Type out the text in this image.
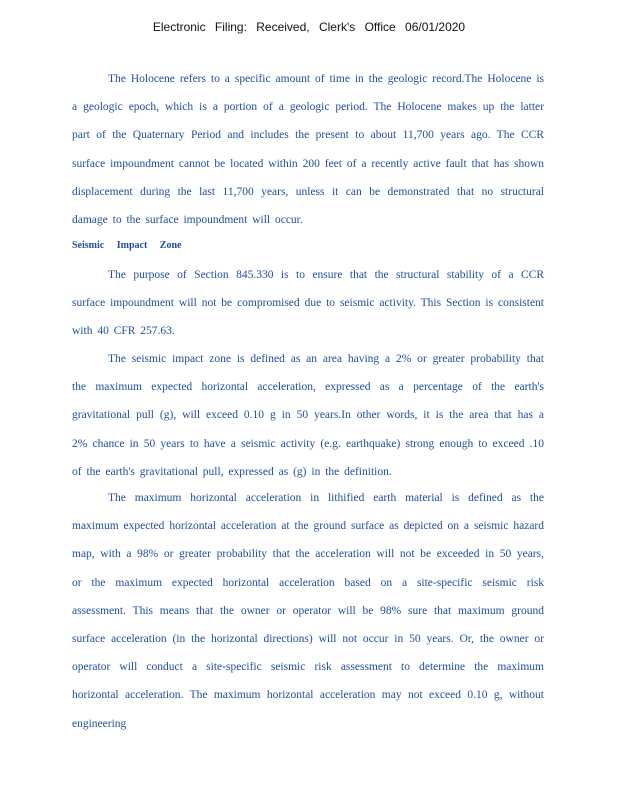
Electronic Filing: Received, Clerk's Office 06/01/2020
The Holocene refers to a specific amount of time in the geologic record.The Holocene is a geologic epoch, which is a portion of a geologic period. The Holocene makes up the latter part of the Quaternary Period and includes the present to about 11,700 years ago. The CCR surface impoundment cannot be located within 200 feet of a recently active fault that has shown displacement during the last 11,700 years, unless it can be demonstrated that no structural damage to the surface impoundment will occur.
Seismic Impact Zone
The purpose of Section 845.330 is to ensure that the structural stability of a CCR surface impoundment will not be compromised due to seismic activity. This Section is consistent with 40 CFR 257.63.
The seismic impact zone is defined as an area having a 2% or greater probability that the maximum expected horizontal acceleration, expressed as a percentage of the earth's gravitational pull (g), will exceed 0.10 g in 50 years.In other words, it is the area that has a 2% chance in 50 years to have a seismic activity (e.g. earthquake) strong enough to exceed .10 of the earth's gravitational pull, expressed as (g) in the definition.
The maximum horizontal acceleration in lithified earth material is defined as the maximum expected horizontal acceleration at the ground surface as depicted on a seismic hazard map, with a 98% or greater probability that the acceleration will not be exceeded in 50 years, or the maximum expected horizontal acceleration based on a site-specific seismic risk assessment. This means that the owner or operator will be 98% sure that maximum ground surface acceleration (in the horizontal directions) will not occur in 50 years. Or, the owner or operator will conduct a site-specific seismic risk assessment to determine the maximum horizontal acceleration. The maximum horizontal acceleration may not exceed 0.10 g, without engineering
